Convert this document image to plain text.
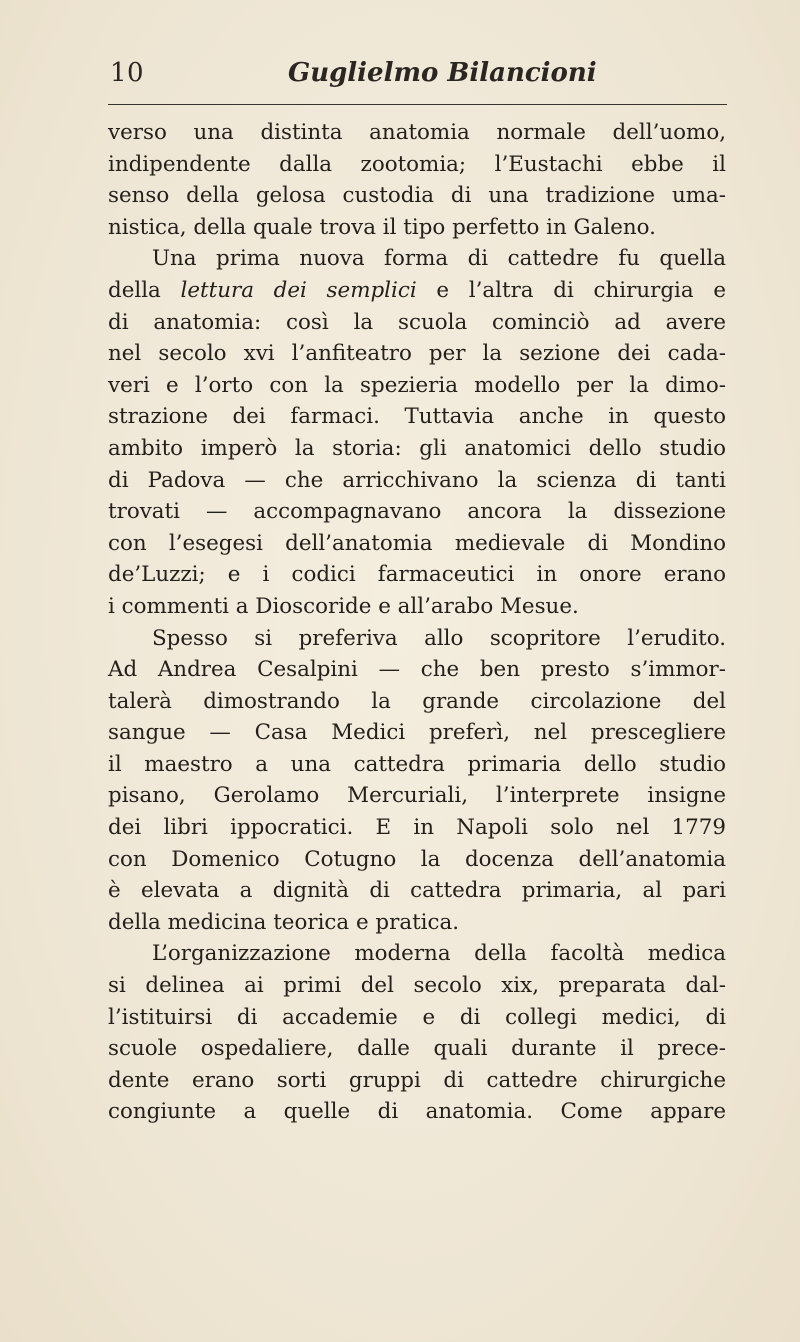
10	Guglielmo Bilancioni
verso una distinta anatomia normale dell’uomo,
indipendente dalla zootomia; l’Eustachi ebbe il
senso della gelosa custodia di una tradizione uma-
nistica, della quale trova il tipo perfetto in Galeno.
Una prima nuova forma di cattedre fu quella
della lettura dei semplici e l’altra di chirurgia e
di anatomia: così la scuola cominciò ad avere
nel secolo xvi l’anfiteatro per la sezione dei cada-
veri e l’orto con la spezieria modello per la dimo-
strazione dei farmaci. Tuttavia anche in questo
ambito imperò la storia: gli anatomici dello studio
di Padova — che arricchivano la scienza di tanti
trovati — accompagnavano ancora la dissezione
con l’esegesi dell’anatomia medievale di Mondino
de’Luzzi; e i codici farmaceutici in onore erano
i commenti a Dioscoride e all’arabo Mesue.
Spesso si preferiva allo scopritore l’erudito.
Ad Andrea Cesalpini — che ben presto s’immor-
talerà dimostrando la grande circolazione del
sangue — Casa Medici preferì, nel prescegliere
il maestro a una cattedra primaria dello studio
pisano, Gerolamo Mercuriali, l’interprete insigne
dei libri ippocratici. E in Napoli solo nel 1779
con Domenico Cotugno la docenza dell’anatomia
è elevata a dignità di cattedra primaria, al pari
della medicina teorica e pratica.
L’organizzazione moderna della facoltà medica
si delinea ai primi del secolo xix, preparata dal-
l’istituirsi di accademie e di collegi medici, di
scuole ospedaliere, dalle quali durante il prece-
dente erano sorti gruppi di cattedre chirurgiche
congiunte a quelle di anatomia. Come appare
